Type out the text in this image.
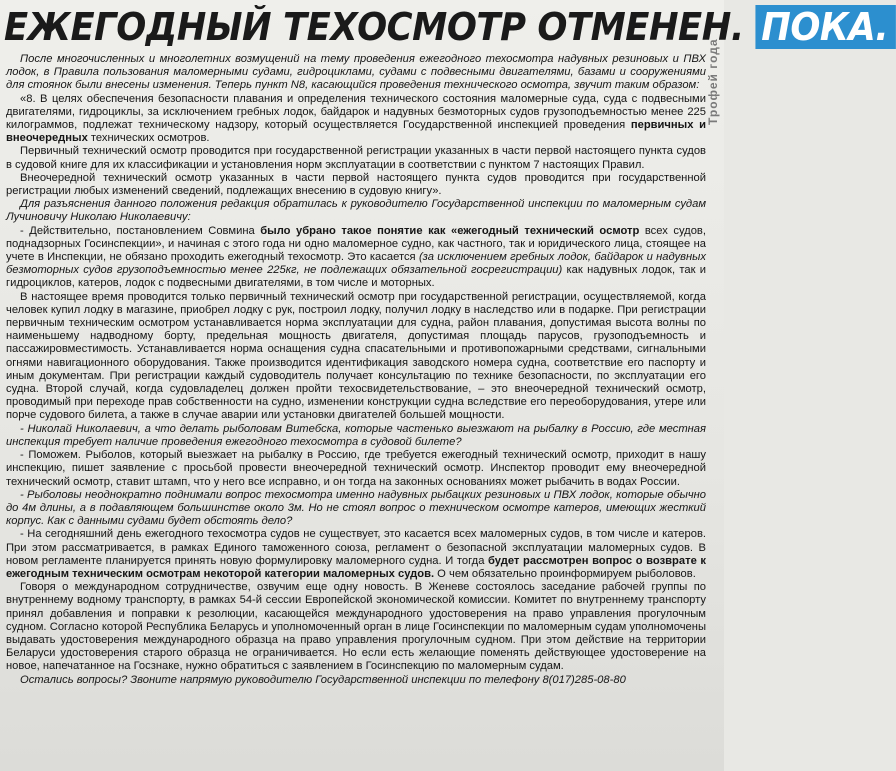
ЕЖЕГОДНЫЙ ТЕХОСМОТР ОТМЕНЕН. ПОКА.
Трофей года

После многочисленных и многолетних возмущений на тему проведения ежегодного техосмотра надувных резиновых и ПВХ лодок, в Правила пользования маломерными судами, гидроциклами, судами с подвесными двигателями, базами и сооружениями для стоянок были внесены изменения. Теперь пункт N8, касающийся проведения технического осмотра, звучит таким образом:

«8. В целях обеспечения безопасности плавания и определения технического состояния маломерные суда, суда с подвесными двигателями, гидроциклы, за исключением гребных лодок, байдарок и надувных безмоторных судов грузоподъемностью менее 225 килограммов, подлежат техническому надзору, который осуществляется Государственной инспекцией проведения первичных и внеочередных технических осмотров.

Первичный технический осмотр проводится при государственной регистрации указанных в части первой настоящего пункта судов в судовой книге для их классификации и установления норм эксплуатации в соответствии с пунктом 7 настоящих Правил.

Внеочередной технический осмотр указанных в части первой настоящего пункта судов проводится при государственной регистрации любых изменений сведений, подлежащих внесению в судовую книгу».

Для разъяснения данного положения редакция обратилась к руководителю Государственной инспекции по маломерным судам Лучиновичу Николаю Николаевичу:

- Действительно, постановлением Совмина было убрано такое понятие как «ежегодный технический осмотр всех судов, поднадзорных Госинспекции», и начиная с этого года ни одно маломерное судно, как частного, так и юридического лица, стоящее на учете в Инспекции, не обязано проходить ежегодный техосмотр. Это касается (за исключением гребных лодок, байдарок и надувных безмоторных судов грузоподъемностью менее 225кг, не подлежащих обязательной госрегистрации) как надувных лодок, так и гидроциклов, катеров, лодок с подвесными двигателями, в том числе и моторных.

В настоящее время проводится только первичный технический осмотр при государственной регистрации, осуществляемой, когда человек купил лодку в магазине, приобрел лодку с рук, построил лодку, получил лодку в наследство или в подарке. При регистрации первичным техническим осмотром устанавливается норма эксплуатации для судна, район плавания, допустимая высота волны по наименьшему надводному борту, предельная мощность двигателя, допустимая площадь парусов, грузоподъемность и пассажировместимость. Устанавливается норма оснащения судна спасательными и противопожарными средствами, сигнальными огнями навигационного оборудования. Также производится идентификация заводского номера судна, соответствие его паспорту и иным документам. При регистрации каждый судоводитель получает консультацию по технике безопасности, по эксплуатации его судна. Второй случай, когда судовладелец должен пройти техосвидетельствование, – это внеочередной технический осмотр, проводимый при переходе прав собственности на судно, изменении конструкции судна вследствие его переоборудования, утере или порче судового билета, а также в случае аварии или установки двигателей большей мощности.

- Николай Николаевич, а что делать рыболовам Витебска, которые частенько выезжают на рыбалку в Россию, где местная инспекция требует наличие проведения ежегодного техосмотра в судовой билете?

- Поможем. Рыболов, который выезжает на рыбалку в Россию, где требуется ежегодный технический осмотр, приходит в нашу инспекцию, пишет заявление с просьбой провести внеочередной технический осмотр. Инспектор проводит ему внеочередной технический осмотр, ставит штамп, что у него все исправно, и он тогда на законных основаниях может рыбачить в водах России.

- Рыболовы неоднократно поднимали вопрос техосмотра именно надувных рыбацких резиновых и ПВХ лодок, которые обычно до 4м длины, а в подавляющем большинстве около 3м. Но не стоял вопрос о техническом осмотре катеров, имеющих жесткий корпус. Как с данными судами будет обстоять дело?

- На сегодняшний день ежегодного техосмотра судов не существует, это касается всех маломерных судов, в том числе и катеров. При этом рассматривается, в рамках Единого таможенного союза, регламент о безопасной эксплуатации маломерных судов. В новом регламенте планируется принять новую формулировку маломерного судна. И тогда будет рассмотрен вопрос о возврате к ежегодным техническим осмотрам некоторой категории маломерных судов. О чем обязательно проинформируем рыболовов.

Говоря о международном сотрудничестве, озвучим еще одну новость. В Женеве состоялось заседание рабочей группы по внутреннему водному транспорту, в рамках 54-й сессии Европейской экономической комиссии. Комитет по внутреннему транспорту принял добавления и поправки к резолюции, касающейся международного удостоверения на право управления прогулочным судном. Согласно которой Республика Беларусь и уполномоченный орган в лице Госинспекции по маломерным судам уполномочены выдавать удостоверения международного образца на право управления прогулочным судном. При этом действие на территории Беларуси удостоверения старого образца не ограничивается. Но если есть желающие поменять действующее удостоверение на новое, напечатанное на Госзнаке, нужно обратиться с заявлением в Госинспекцию по маломерным судам.

Остались вопросы? Звоните напрямую руководителю Государственной инспекции по телефону 8(017)285-08-80
